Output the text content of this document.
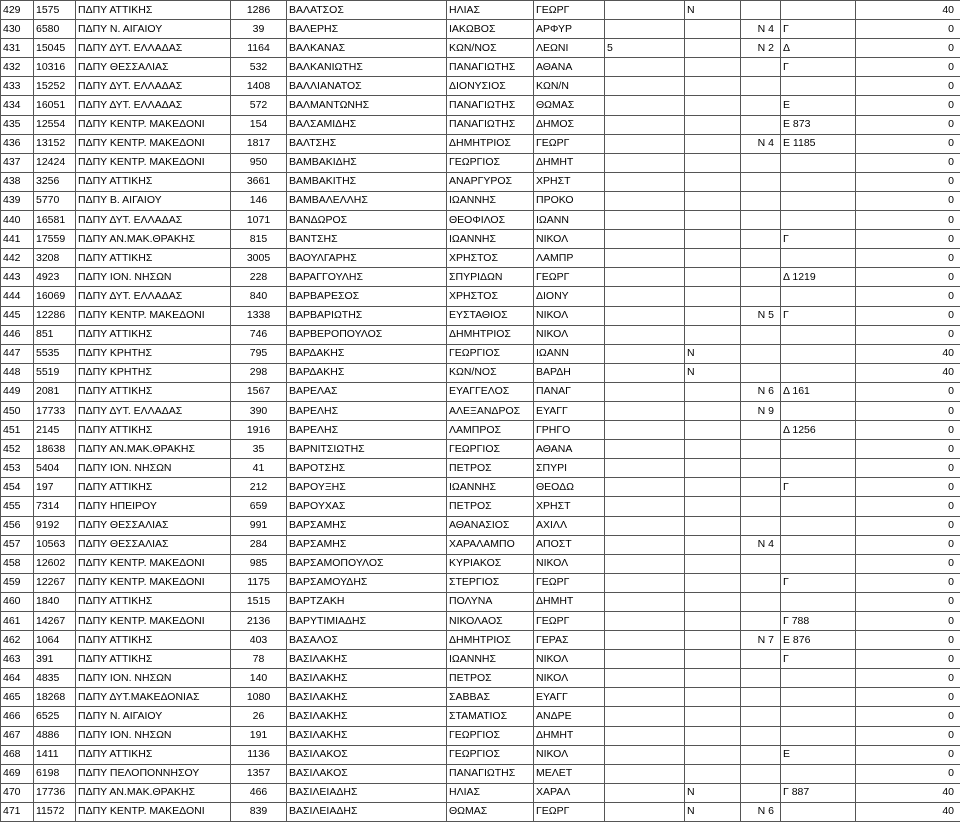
429	1575	ΠΔΠΥ ΑΤΤΙΚΗΣ	1286	ΒΑΛΑΤΣΟΣ	ΗΛΙΑΣ	ΓΕΩΡΓ		Ν			40
430	6580	ΠΔΠΥ Ν. ΑΙΓΑΙΟΥ	39	ΒΑΛΕΡΗΣ	ΙΑΚΩΒΟΣ	ΑΡΦΥΡ			Ν 4	Γ	0
431	15045	ΠΔΠΥ ΔΥΤ. ΕΛΛΑΔΑΣ	1164	ΒΑΛΚΑΝΑΣ	ΚΩΝ/ΝΟΣ	ΛΕΩΝΙ	5		Ν 2	Δ	0
432	10316	ΠΔΠΥ ΘΕΣΣΑΛΙΑΣ	532	ΒΑΛΚΑΝΙΩΤΗΣ	ΠΑΝΑΓΙΩΤΗΣ	ΑΘΑΝΑ				Γ	0
433	15252	ΠΔΠΥ ΔΥΤ. ΕΛΛΑΔΑΣ	1408	ΒΑΛΛΙΑΝΑΤΟΣ	ΔΙΟΝΥΣΙΟΣ	ΚΩΝ/Ν					0
434	16051	ΠΔΠΥ ΔΥΤ. ΕΛΛΑΔΑΣ	572	ΒΑΛΜΑΝΤΩΝΗΣ	ΠΑΝΑΓΙΩΤΗΣ	ΘΩΜΑΣ				Ε	0
435	12554	ΠΔΠΥ ΚΕΝΤΡ. ΜΑΚΕΔΟΝΙ	154	ΒΑΛΣΑΜΙΔΗΣ	ΠΑΝΑΓΙΩΤΗΣ	ΔΗΜΟΣ				Ε 873	0
436	13152	ΠΔΠΥ ΚΕΝΤΡ. ΜΑΚΕΔΟΝΙ	1817	ΒΑΛΤΣΗΣ	ΔΗΜΗΤΡΙΟΣ	ΓΕΩΡΓ			Ν 4	Ε 1185	0
437	12424	ΠΔΠΥ ΚΕΝΤΡ. ΜΑΚΕΔΟΝΙ	950	ΒΑΜΒΑΚΙΔΗΣ	ΓΕΩΡΓΙΟΣ	ΔΗΜΗΤ					0
438	3256	ΠΔΠΥ ΑΤΤΙΚΗΣ	3661	ΒΑΜΒΑΚΙΤΗΣ	ΑΝΑΡΓΥΡΟΣ	ΧΡΗΣΤ					0
439	5770	ΠΔΠΥ Β. ΑΙΓΑΙΟΥ	146	ΒΑΜΒΑΛΕΛΛΗΣ	ΙΩΑΝΝΗΣ	ΠΡΟΚΟ					0
440	16581	ΠΔΠΥ ΔΥΤ. ΕΛΛΑΔΑΣ	1071	ΒΑΝΔΩΡΟΣ	ΘΕΟΦΙΛΟΣ	ΙΩΑΝΝ					0
441	17559	ΠΔΠΥ ΑΝ.ΜΑΚ.ΘΡΑΚΗΣ	815	ΒΑΝΤΣΗΣ	ΙΩΑΝΝΗΣ	ΝΙΚΟΛ				Γ	0
442	3208	ΠΔΠΥ ΑΤΤΙΚΗΣ	3005	ΒΑΟΥΛΓΑΡΗΣ	ΧΡΗΣΤΟΣ	ΛΑΜΠΡ					0
443	4923	ΠΔΠΥ ΙΟΝ. ΝΗΣΩΝ	228	ΒΑΡΑΓΓΟΥΛΗΣ	ΣΠΥΡΙΔΩΝ	ΓΕΩΡΓ				Δ 1219	0
444	16069	ΠΔΠΥ ΔΥΤ. ΕΛΛΑΔΑΣ	840	ΒΑΡΒΑΡΕΣΟΣ	ΧΡΗΣΤΟΣ	ΔΙΟΝΥ					0
445	12286	ΠΔΠΥ ΚΕΝΤΡ. ΜΑΚΕΔΟΝΙ	1338	ΒΑΡΒΑΡΙΩΤΗΣ	ΕΥΣΤΑΘΙΟΣ	ΝΙΚΟΛ			Ν 5	Γ	0
446	851	ΠΔΠΥ ΑΤΤΙΚΗΣ	746	ΒΑΡΒΕΡΟΠΟΥΛΟΣ	ΔΗΜΗΤΡΙΟΣ	ΝΙΚΟΛ					0
447	5535	ΠΔΠΥ ΚΡΗΤΗΣ	795	ΒΑΡΔΑΚΗΣ	ΓΕΩΡΓΙΟΣ	ΙΩΑΝΝ		Ν			40
448	5519	ΠΔΠΥ ΚΡΗΤΗΣ	298	ΒΑΡΔΑΚΗΣ	ΚΩΝ/ΝΟΣ	ΒΑΡΔΗ		Ν			40
449	2081	ΠΔΠΥ ΑΤΤΙΚΗΣ	1567	ΒΑΡΕΛΑΣ	ΕΥΑΓΓΕΛΟΣ	ΠΑΝΑΓ			Ν 6	Δ 161	0
450	17733	ΠΔΠΥ ΔΥΤ. ΕΛΛΑΔΑΣ	390	ΒΑΡΕΛΗΣ	ΑΛΕΞΑΝΔΡΟΣ	ΕΥΑΓΓ			Ν 9		0
451	2145	ΠΔΠΥ ΑΤΤΙΚΗΣ	1916	ΒΑΡΕΛΗΣ	ΛΑΜΠΡΟΣ	ΓΡΗΓΟ				Δ 1256	0
452	18638	ΠΔΠΥ ΑΝ.ΜΑΚ.ΘΡΑΚΗΣ	35	ΒΑΡΝΙΤΣΙΩΤΗΣ	ΓΕΩΡΓΙΟΣ	ΑΘΑΝΑ					0
453	5404	ΠΔΠΥ ΙΟΝ. ΝΗΣΩΝ	41	ΒΑΡΟΤΣΗΣ	ΠΕΤΡΟΣ	ΣΠΥΡΙ					0
454	197	ΠΔΠΥ ΑΤΤΙΚΗΣ	212	ΒΑΡΟΥΞΗΣ	ΙΩΑΝΝΗΣ	ΘΕΟΔΩ				Γ	0
455	7314	ΠΔΠΥ ΗΠΕΙΡΟΥ	659	ΒΑΡΟΥΧΑΣ	ΠΕΤΡΟΣ	ΧΡΗΣΤ					0
456	9192	ΠΔΠΥ ΘΕΣΣΑΛΙΑΣ	991	ΒΑΡΣΑΜΗΣ	ΑΘΑΝΑΣΙΟΣ	ΑΧΙΛΛ					0
457	10563	ΠΔΠΥ ΘΕΣΣΑΛΙΑΣ	284	ΒΑΡΣΑΜΗΣ	ΧΑΡΑΛΑΜΠΟ	ΑΠΟΣΤ			Ν 4		0
458	12602	ΠΔΠΥ ΚΕΝΤΡ. ΜΑΚΕΔΟΝΙ	985	ΒΑΡΣΑΜΟΠΟΥΛΟΣ	ΚΥΡΙΑΚΟΣ	ΝΙΚΟΛ					0
459	12267	ΠΔΠΥ ΚΕΝΤΡ. ΜΑΚΕΔΟΝΙ	1175	ΒΑΡΣΑΜΟΥΔΗΣ	ΣΤΕΡΓΙΟΣ	ΓΕΩΡΓ				Γ	0
460	1840	ΠΔΠΥ ΑΤΤΙΚΗΣ	1515	ΒΑΡΤΖΑΚΗ	ΠΟΛΥΝΑ	ΔΗΜΗΤ					0
461	14267	ΠΔΠΥ ΚΕΝΤΡ. ΜΑΚΕΔΟΝΙ	2136	ΒΑΡΥΤΙΜΙΑΔΗΣ	ΝΙΚΟΛΑΟΣ	ΓΕΩΡΓ				Γ 788	0
462	1064	ΠΔΠΥ ΑΤΤΙΚΗΣ	403	ΒΑΣΑΛΟΣ	ΔΗΜΗΤΡΙΟΣ	ΓΕΡΑΣ			Ν 7	Ε 876	0
463	391	ΠΔΠΥ ΑΤΤΙΚΗΣ	78	ΒΑΣΙΛΑΚΗΣ	ΙΩΑΝΝΗΣ	ΝΙΚΟΛ				Γ	0
464	4835	ΠΔΠΥ ΙΟΝ. ΝΗΣΩΝ	140	ΒΑΣΙΛΑΚΗΣ	ΠΕΤΡΟΣ	ΝΙΚΟΛ					0
465	18268	ΠΔΠΥ ΔΥΤ.ΜΑΚΕΔΟΝΙΑΣ	1080	ΒΑΣΙΛΑΚΗΣ	ΣΑΒΒΑΣ	ΕΥΑΓΓ					0
466	6525	ΠΔΠΥ Ν. ΑΙΓΑΙΟΥ	26	ΒΑΣΙΛΑΚΗΣ	ΣΤΑΜΑΤΙΟΣ	ΑΝΔΡΕ					0
467	4886	ΠΔΠΥ ΙΟΝ. ΝΗΣΩΝ	191	ΒΑΣΙΛΑΚΗΣ	ΓΕΩΡΓΙΟΣ	ΔΗΜΗΤ					0
468	1411	ΠΔΠΥ ΑΤΤΙΚΗΣ	1136	ΒΑΣΙΛΑΚΟΣ	ΓΕΩΡΓΙΟΣ	ΝΙΚΟΛ				Ε	0
469	6198	ΠΔΠΥ ΠΕΛΟΠΟΝΝΗΣΟΥ	1357	ΒΑΣΙΛΑΚΟΣ	ΠΑΝΑΓΙΩΤΗΣ	ΜΕΛΕΤ					0
470	17736	ΠΔΠΥ ΑΝ.ΜΑΚ.ΘΡΑΚΗΣ	466	ΒΑΣΙΛΕΙΑΔΗΣ	ΗΛΙΑΣ	ΧΑΡΑΛ		Ν		Γ 887	40
471	11572	ΠΔΠΥ ΚΕΝΤΡ. ΜΑΚΕΔΟΝΙ	839	ΒΑΣΙΛΕΙΑΔΗΣ	ΘΩΜΑΣ	ΓΕΩΡΓ		Ν	Ν 6		40
